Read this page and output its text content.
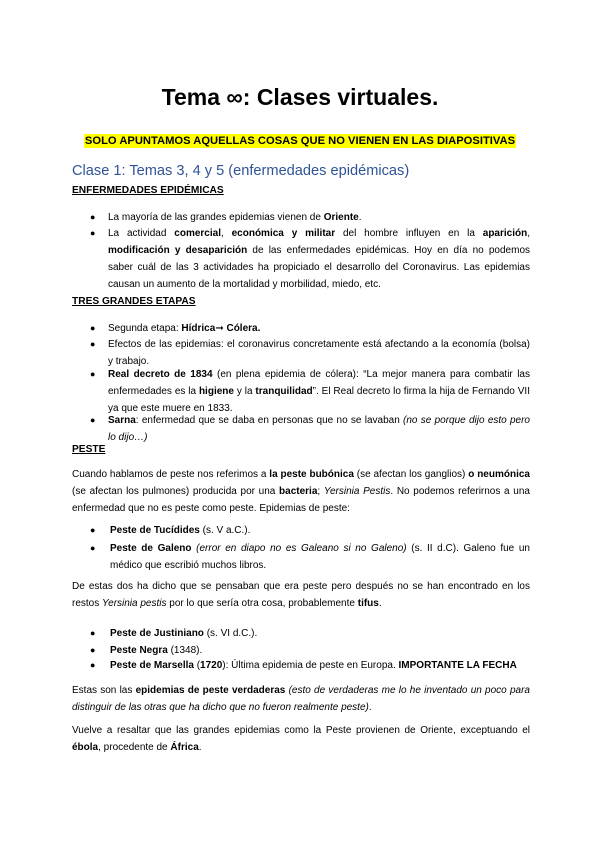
Tema ∞: Clases virtuales.
SOLO APUNTAMOS AQUELLAS COSAS QUE NO VIENEN EN LAS DIAPOSITIVAS
Clase 1: Temas 3, 4 y 5 (enfermedades epidémicas)
ENFERMEDADES EPIDÉMICAS
● La mayoría de las grandes epidemias vienen de Oriente.
● La actividad comercial, económica y militar del hombre influyen en la aparición, modificación y desaparición de las enfermedades epidémicas. Hoy en día no podemos saber cuál de las 3 actividades ha propiciado el desarrollo del Coronavirus. Las epidemias causan un aumento de la mortalidad y morbilidad, miedo, etc.
TRES GRANDES ETAPAS
● Segunda etapa: Hídrica➞ Cólera.
● Efectos de las epidemias: el coronavirus concretamente está afectando a la economía (bolsa) y trabajo.
● Real decreto de 1834 (en plena epidemia de cólera): “La mejor manera para combatir las enfermedades es la higiene y la tranquilidad”. El Real decreto lo firma la hija de Fernando VII ya que este muere en 1833.
● Sarna: enfermedad que se daba en personas que no se lavaban (no se porque dijo esto pero lo dijo…)
PESTE
Cuando hablamos de peste nos referimos a la peste bubónica (se afectan los ganglios) o neumónica (se afectan los pulmones) producida por una bacteria; Yersinia Pestis. No podemos referirnos a una enfermedad que no es peste como peste. Epidemias de peste:
● Peste de Tucídides (s. V a.C.).
● Peste de Galeno (error en diapo no es Galeano si no Galeno) (s. II d.C). Galeno fue un médico que escribió muchos libros.
De estas dos ha dicho que se pensaban que era peste pero después no se han encontrado en los restos Yersinia pestis por lo que sería otra cosa, probablemente tifus.
● Peste de Justiniano (s. VI d.C.).
● Peste Negra (1348).
● Peste de Marsella (1720): Última epidemia de peste en Europa. IMPORTANTE LA FECHA
Estas son las epidemias de peste verdaderas (esto de verdaderas me lo he inventado un poco para distinguir de las otras que ha dicho que no fueron realmente peste).
Vuelve a resaltar que las grandes epidemias como la Peste provienen de Oriente, exceptuando el ébola, procedente de África.
